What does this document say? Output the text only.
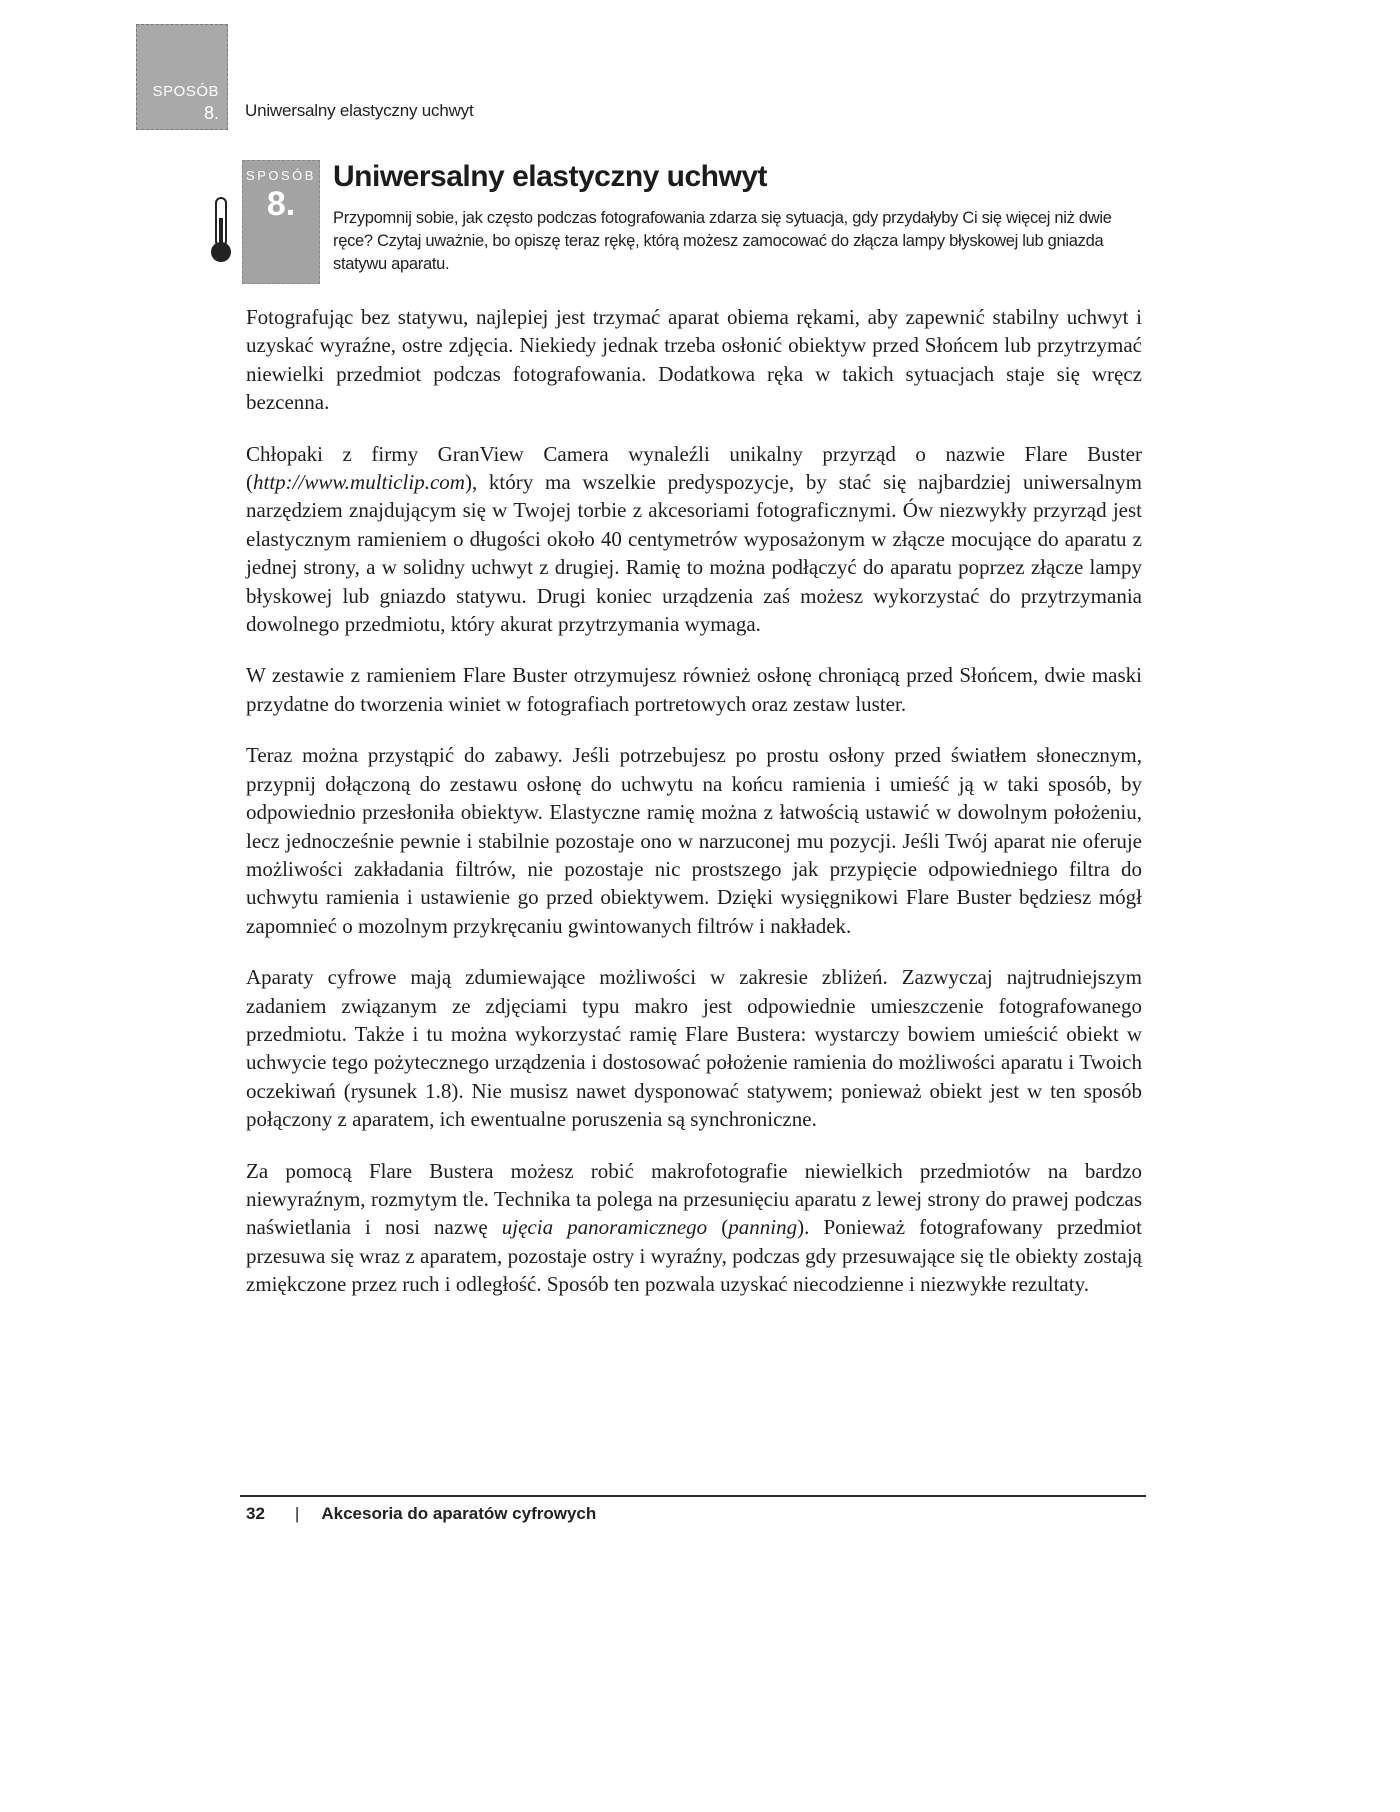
SPOSÓB
8. Uniwersalny elastyczny uchwyt
SPOSÓB
8.
Uniwersalny elastyczny uchwyt

Przypomnij sobie, jak często podczas fotografowania zdarza się sytuacja, gdy przydałyby Ci się więcej niż dwie ręce? Czytaj uważnie, bo opiszę teraz rękę, którą możesz zamocować do złącza lampy błyskowej lub gniazda statywu aparatu.

Fotografując bez statywu, najlepiej jest trzymać aparat obiema rękami, aby zapewnić stabilny uchwyt i uzyskać wyraźne, ostre zdjęcia. Niekiedy jednak trzeba osłonić obiektyw przed Słońcem lub przytrzymać niewielki przedmiot podczas fotografowania. Dodatkowa ręka w takich sytuacjach staje się wręcz bezcenna.

Chłopaki z firmy GranView Camera wynaleźli unikalny przyrząd o nazwie Flare Buster (http://www.multiclip.com), który ma wszelkie predyspozycje, by stać się najbardziej uniwersalnym narzędziem znajdującym się w Twojej torbie z akcesoriami fotograficznymi. Ów niezwykły przyrząd jest elastycznym ramieniem o długości około 40 centymetrów wyposażonym w złącze mocujące do aparatu z jednej strony, a w solidny uchwyt z drugiej. Ramię to można podłączyć do aparatu poprzez złącze lampy błyskowej lub gniazdo statywu. Drugi koniec urządzenia zaś możesz wykorzystać do przytrzymania dowolnego przedmiotu, który akurat przytrzymania wymaga.

W zestawie z ramieniem Flare Buster otrzymujesz również osłonę chroniącą przed Słońcem, dwie maski przydatne do tworzenia winiet w fotografiach portretowych oraz zestaw luster.

Teraz można przystąpić do zabawy. Jeśli potrzebujesz po prostu osłony przed światłem słonecznym, przypnij dołączoną do zestawu osłonę do uchwytu na końcu ramienia i umieść ją w taki sposób, by odpowiednio przesłoniła obiektyw. Elastyczne ramię można z łatwością ustawić w dowolnym położeniu, lecz jednocześnie pewnie i stabilnie pozostaje ono w narzuconej mu pozycji. Jeśli Twój aparat nie oferuje możliwości zakładania filtrów, nie pozostaje nic prostszego jak przypięcie odpowiedniego filtra do uchwytu ramienia i ustawienie go przed obiektywem. Dzięki wysięgnikowi Flare Buster będziesz mógł zapomnieć o mozolnym przykręcaniu gwintowanych filtrów i nakładek.

Aparaty cyfrowe mają zdumiewające możliwości w zakresie zbliżeń. Zazwyczaj najtrudniejszym zadaniem związanym ze zdjęciami typu makro jest odpowiednie umieszczenie fotografowanego przedmiotu. Także i tu można wykorzystać ramię Flare Bustera: wystarczy bowiem umieścić obiekt w uchwycie tego pożytecznego urządzenia i dostosować położenie ramienia do możliwości aparatu i Twoich oczekiwań (rysunek 1.8). Nie musisz nawet dysponować statywem; ponieważ obiekt jest w ten sposób połączony z aparatem, ich ewentualne poruszenia są synchroniczne.

Za pomocą Flare Bustera możesz robić makrofotografie niewielkich przedmiotów na bardzo niewyraźnym, rozmytym tle. Technika ta polega na przesunięciu aparatu z lewej strony do prawej podczas naświetlania i nosi nazwę ujęcia panoramicznego (panning). Ponieważ fotografowany przedmiot przesuwa się wraz z aparatem, pozostaje ostry i wyraźny, podczas gdy przesuwające się tle obiekty zostają zmiękczone przez ruch i odległość. Sposób ten pozwala uzyskać niecodzienne i niezwykłe rezultaty.

32 | Akcesoria do aparatów cyfrowych
